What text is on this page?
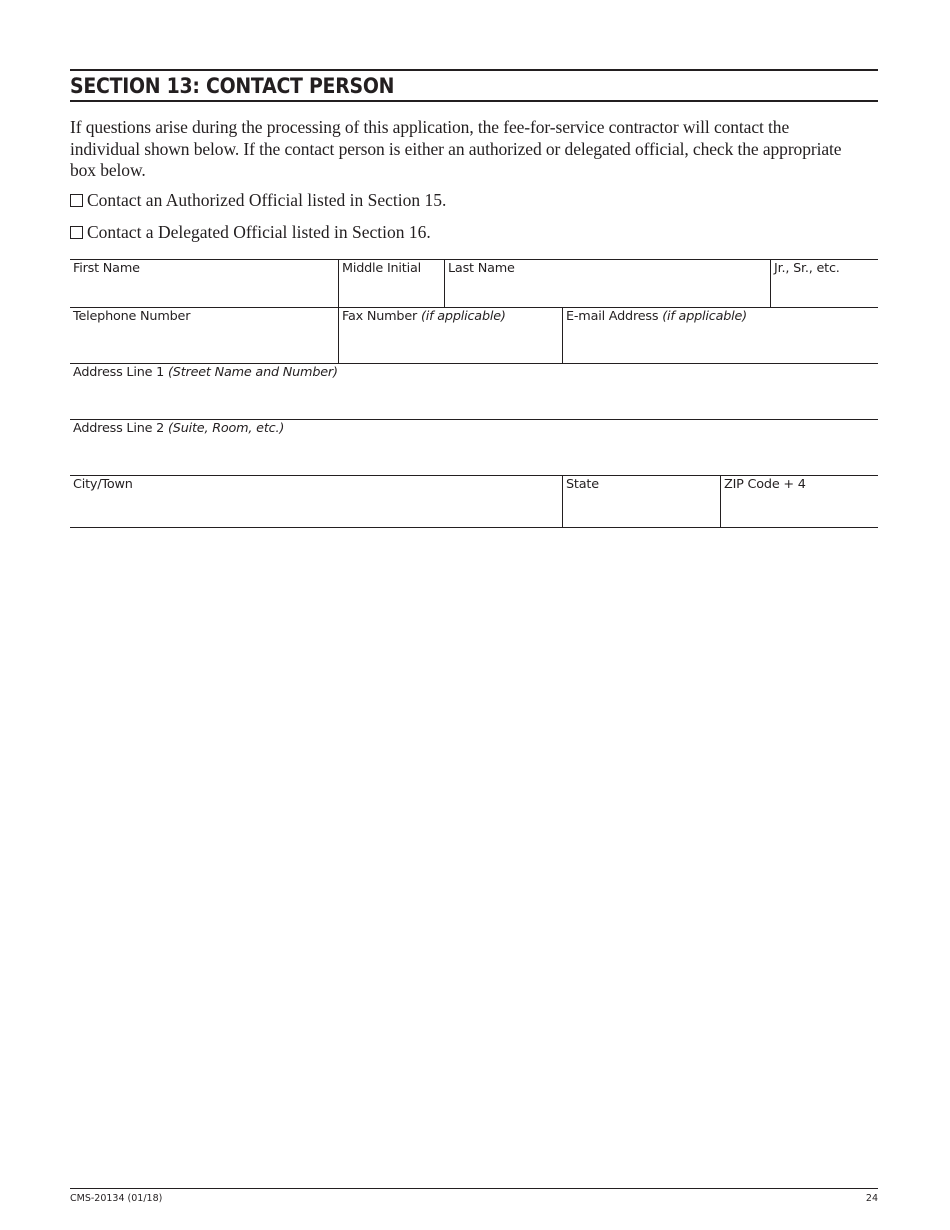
SECTION 13: CONTACT PERSON

If questions arise during the processing of this application, the fee-for-service contractor will contact the individual shown below. If the contact person is either an authorized or delegated official, check the appropriate box below.

Contact an Authorized Official listed in Section 15.
Contact a Delegated Official listed in Section 16.
First Name	Middle Initial	Last Name	Jr., Sr., etc.
Telephone Number	Fax Number (if applicable)	E-mail Address (if applicable)
Address Line 1 (Street Name and Number)
Address Line 2 (Suite, Room, etc.)
City/Town	State	ZIP Code + 4
CMS-20134 (01/18)	24
